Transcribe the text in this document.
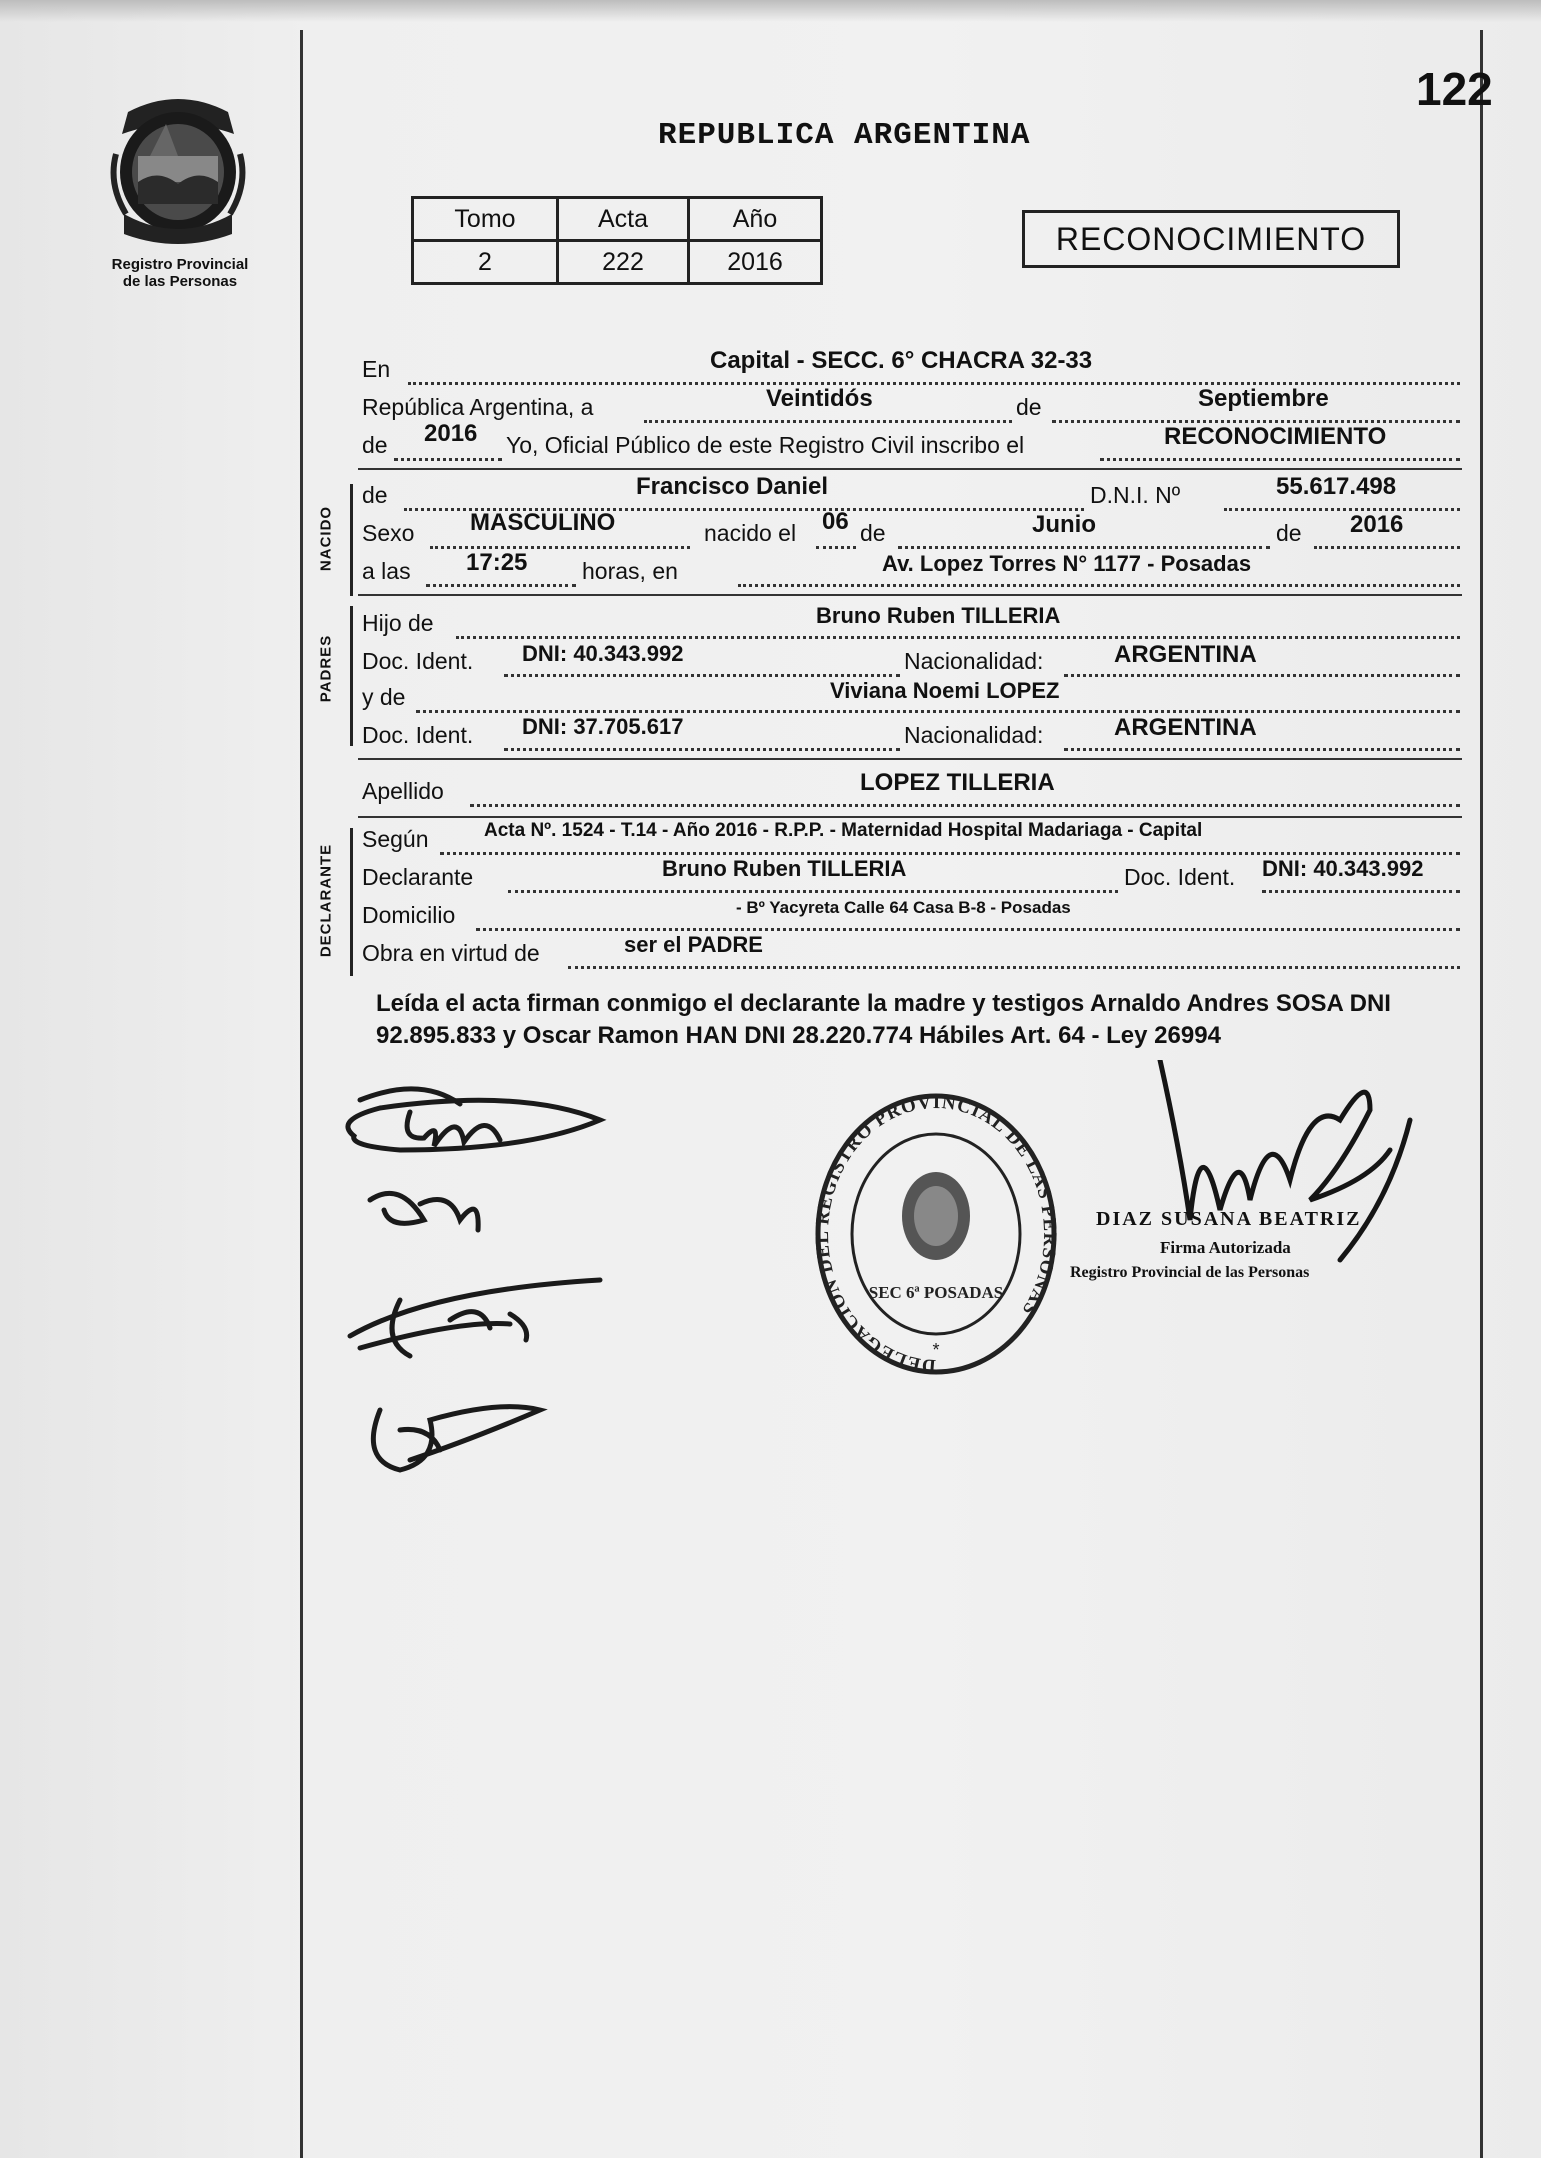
Registro Provincial
de las Personas
122
REPUBLICA ARGENTINA
Tomo	Acta	Año
2	222	2016
RECONOCIMIENTO
En	Capital - SECC. 6° CHACRA 32-33
República Argentina, a	Veintidós	de	Septiembre
de 2016 Yo, Oficial Público de este Registro Civil inscribo el	RECONOCIMIENTO
NACIDO
de	Francisco Daniel	D.N.I. Nº	55.617.498
Sexo MASCULINO	nacido el 06 de	Junio	de 2016
a las 17:25 horas, en	Av. Lopez Torres N° 1177 - Posadas
PADRES
Hijo de	Bruno Ruben TILLERIA
Doc. Ident. DNI: 40.343.992	Nacionalidad:	ARGENTINA
y de	Viviana Noemi LOPEZ
Doc. Ident. DNI: 37.705.617	Nacionalidad:	ARGENTINA
Apellido	LOPEZ TILLERIA
DECLARANTE
Según	Acta Nº. 1524 - T.14 - Año 2016 - R.P.P. - Maternidad Hospital Madariaga - Capital
Declarante	Bruno Ruben TILLERIA	Doc. Ident. DNI: 40.343.992
Domicilio	- Bº Yacyreta Calle 64 Casa B-8 - Posadas
Obra en virtud de	ser el PADRE
Leída el acta firman conmigo el declarante la madre y testigos Arnaldo Andres SOSA DNI 92.895.833 y Oscar Ramon HAN DNI 28.220.774 Hábiles Art. 64 - Ley 26994
DELEGACION DEL REGISTRO PROVINCIAL DE LAS PERSONAS
SEC 6ª POSADAS
*
DIAZ SUSANA BEATRIZ
Firma Autorizada
Registro Provincial de las Personas
